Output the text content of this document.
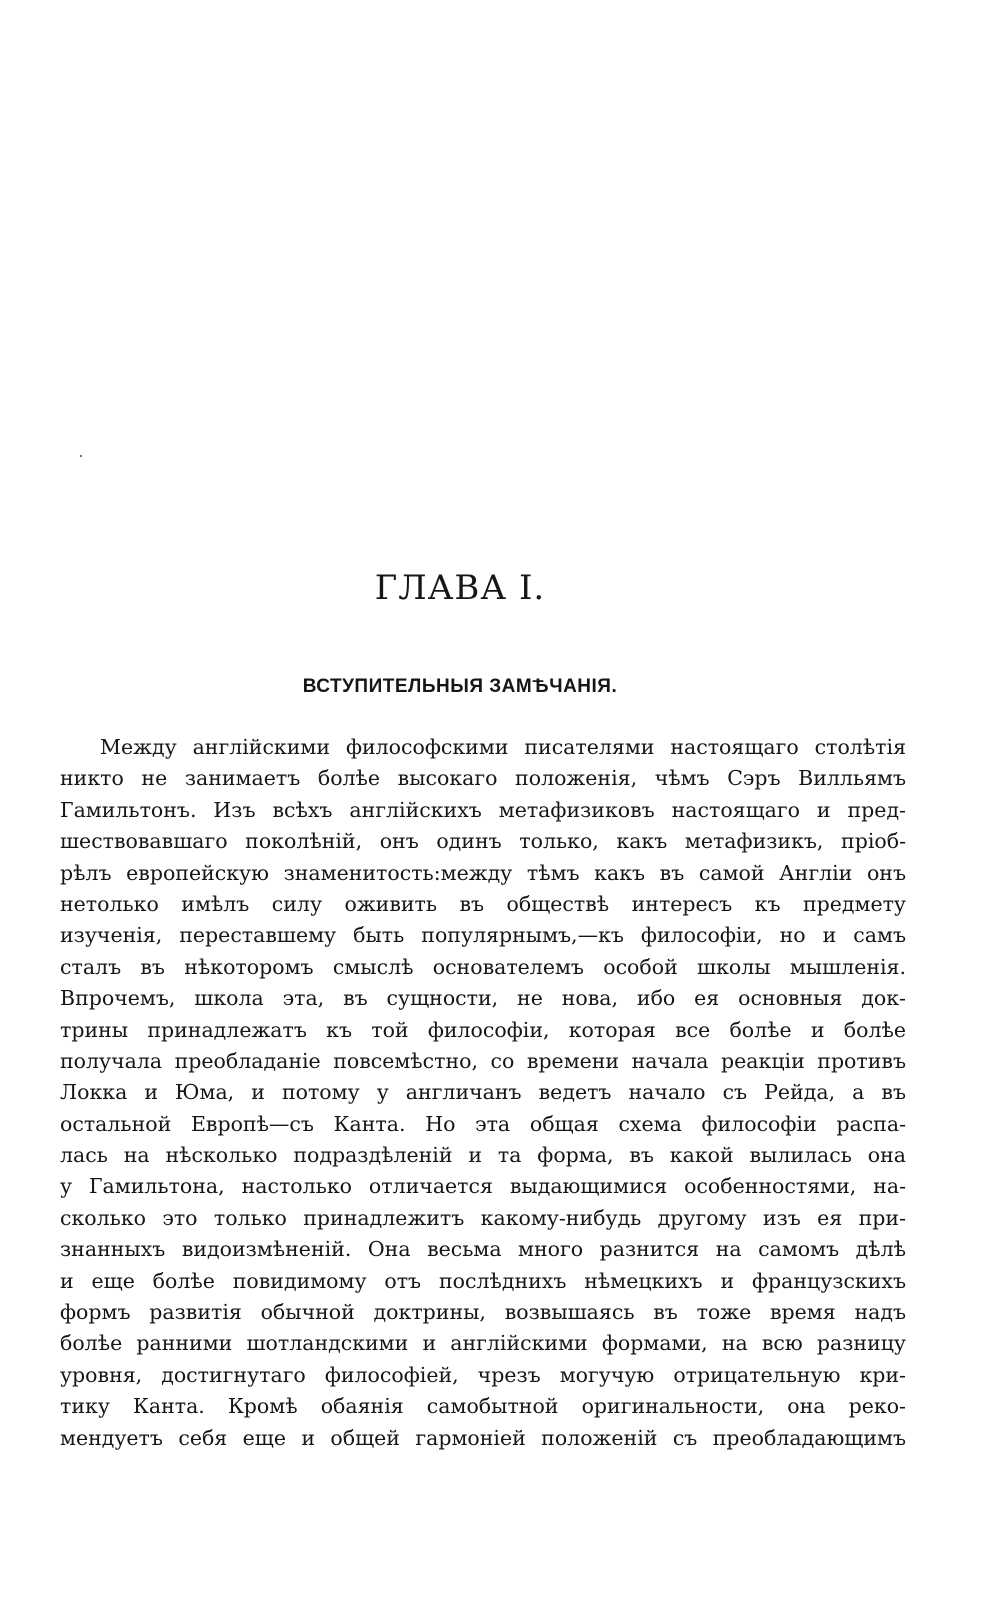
ГЛАВА I.
ВСТУПИТЕЛЬНЫЯ ЗАМѢЧАНІЯ.
Между англійскими философскими писателями настоящаго столѣтія
никто не занимаетъ болѣе высокаго положенія, чѣмъ Сэръ Вилльямъ
Гамильтонъ. Изъ всѣхъ англійскихъ метафизиковъ настоящаго и пред-
шествовавшаго поколѣній, онъ одинъ только, какъ метафизикъ, пріоб-
рѣлъ европейскую знаменитость:между тѣмъ какъ въ самой Англіи онъ
нетолько имѣлъ силу оживить въ обществѣ интересъ къ предмету
изученія, переставшему быть популярнымъ,—къ философіи, но и самъ
сталъ въ нѣкоторомъ смыслѣ основателемъ особой школы мышленія.
Впрочемъ, школа эта, въ сущности, не нова, ибо ея основныя док-
трины принадлежатъ къ той философіи, которая все болѣе и болѣе
получала преобладаніе повсемѣстно, со времени начала реакціи противъ
Локка и Юма, и потому у англичанъ ведетъ начало съ Рейда, а въ
остальной Европѣ—съ Канта. Но эта общая схема философіи распа-
лась на нѣсколько подраздѣленій и та форма, въ какой вылилась она
у Гамильтона, настолько отличается выдающимися особенностями, на-
сколько это только принадлежитъ какому-нибудь другому изъ ея при-
знанныхъ видоизмѣненій. Она весьма много разнится на самомъ дѣлѣ
и еще болѣе повидимому отъ послѣднихъ нѣмецкихъ и французскихъ
формъ развитія обычной доктрины, возвышаясь въ тоже время надъ
болѣе ранними шотландскими и англійскими формами, на всю разницу
уровня, достигнутаго философіей, чрезъ могучую отрицательную кри-
тику Канта. Кромѣ обаянія самобытной оригинальности, она реко-
мендуетъ себя еще и общей гармоніей положеній съ преобладающимъ
